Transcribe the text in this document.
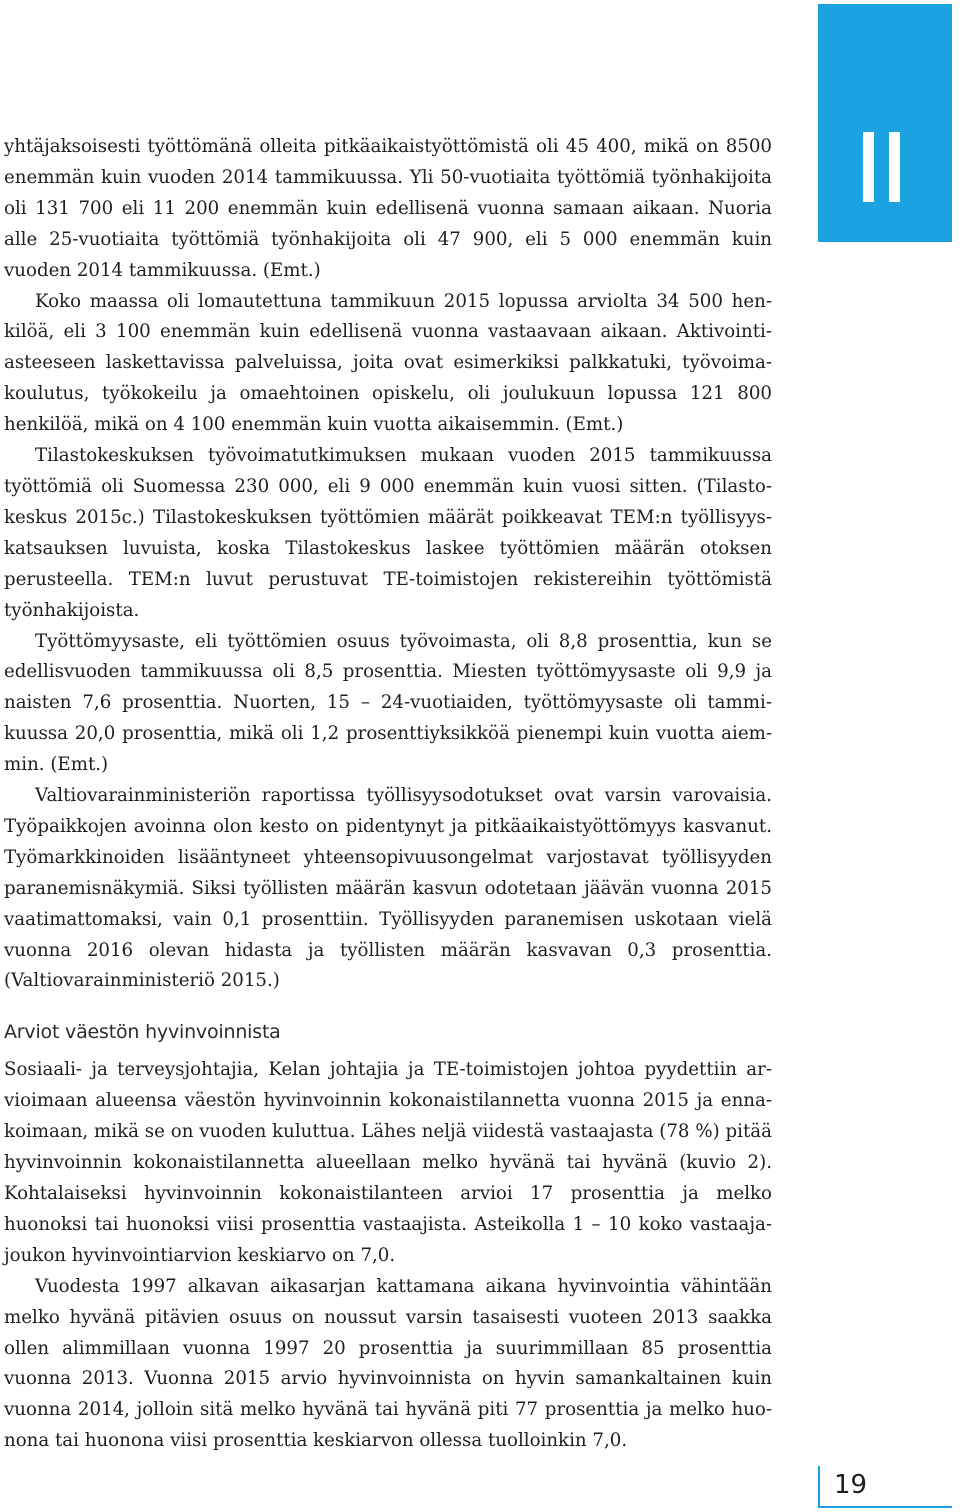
yhtäjaksoisesti työttömänä olleita pitkäaikaistyöttömistä oli 45 400, mikä on 8500 enemmän kuin vuoden 2014 tammikuussa. Yli 50-vuotiaita työttömiä työnhakijoita oli 131 700 eli 11 200 enemmän kuin edellisenä vuonna samaan aikaan. Nuoria alle 25-vuotiaita työttömiä työnhakijoita oli 47 900, eli 5 000 enemmän kuin vuoden 2014 tammikuussa. (Emt.)

Koko maassa oli lomautettuna tammikuun 2015 lopussa arviolta 34 500 henkilöä, eli 3 100 enemmän kuin edellisenä vuonna vastaavaan aikaan. Aktivointiasteeseen laskettavissa palveluissa, joita ovat esimerkiksi palkkatuki, työvoimakoulutus, työkokeilu ja omaehtoinen opiskelu, oli joulukuun lopussa 121 800 henkilöä, mikä on 4 100 enemmän kuin vuotta aikaisemmin. (Emt.)

Tilastokeskuksen työvoimatutkimuksen mukaan vuoden 2015 tammikuussa työttömiä oli Suomessa 230 000, eli 9 000 enemmän kuin vuosi sitten. (Tilastokeskus 2015c.) Tilastokeskuksen työttömien määrät poikkeavat TEM:n työllisyyskatsauksen luvuista, koska Tilastokeskus laskee työttömien määrän otoksen perusteella. TEM:n luvut perustuvat TE-toimistojen rekistereihin työttömistä työnhakijoista.

Työttömyysaste, eli työttömien osuus työvoimasta, oli 8,8 prosenttia, kun se edellisvuoden tammikuussa oli 8,5 prosenttia. Miesten työttömyysaste oli 9,9 ja naisten 7,6 prosenttia. Nuorten, 15 – 24-vuotiaiden, työttömyysaste oli tammikuussa 20,0 prosenttia, mikä oli 1,2 prosenttiyksikköä pienempi kuin vuotta aiemmin. (Emt.)

Valtiovarainministeriön raportissa työllisyysodotukset ovat varsin varovaisia. Työpaikkojen avoinna olon kesto on pidentynyt ja pitkäaikaistyöttömyys kasvanut. Työmarkkinoiden lisääntyneet yhteensopivuusongelmat varjostavat työllisyyden paranemisnäkymiä. Siksi työllisten määrän kasvun odotetaan jäävän vuonna 2015 vaatimattomaksi, vain 0,1 prosenttiin. Työllisyyden paranemisen uskotaan vielä vuonna 2016 olevan hidasta ja työllisten määrän kasvavan 0,3 prosenttia. (Valtiovarainministeriö 2015.)

Arviot väestön hyvinvoinnista

Sosiaali- ja terveysjohtajia, Kelan johtajia ja TE-toimistojen johtoa pyydettiin arvioimaan alueensa väestön hyvinvoinnin kokonaistilannetta vuonna 2015 ja ennakoimaan, mikä se on vuoden kuluttua. Lähes neljä viidestä vastaajasta (78 %) pitää hyvinvoinnin kokonaistilannetta alueellaan melko hyvänä tai hyvänä (kuvio 2). Kohtalaiseksi hyvinvoinnin kokonaistilanteen arvioi 17 prosenttia ja melko huonoksi tai huonoksi viisi prosenttia vastaajista. Asteikolla 1 – 10 koko vastaajajoukon hyvinvointiarvion keskiarvo on 7,0.

Vuodesta 1997 alkavan aikasarjan kattamana aikana hyvinvointia vähintään melko hyvänä pitävien osuus on noussut varsin tasaisesti vuoteen 2013 saakka ollen alimmillaan vuonna 1997 20 prosenttia ja suurimmillaan 85 prosenttia vuonna 2013. Vuonna 2015 arvio hyvinvoinnista on hyvin samankaltainen kuin vuonna 2014, jolloin sitä melko hyvänä tai hyvänä piti 77 prosenttia ja melko huonona tai huonona viisi prosenttia keskiarvon ollessa tuolloinkin 7,0.

19
